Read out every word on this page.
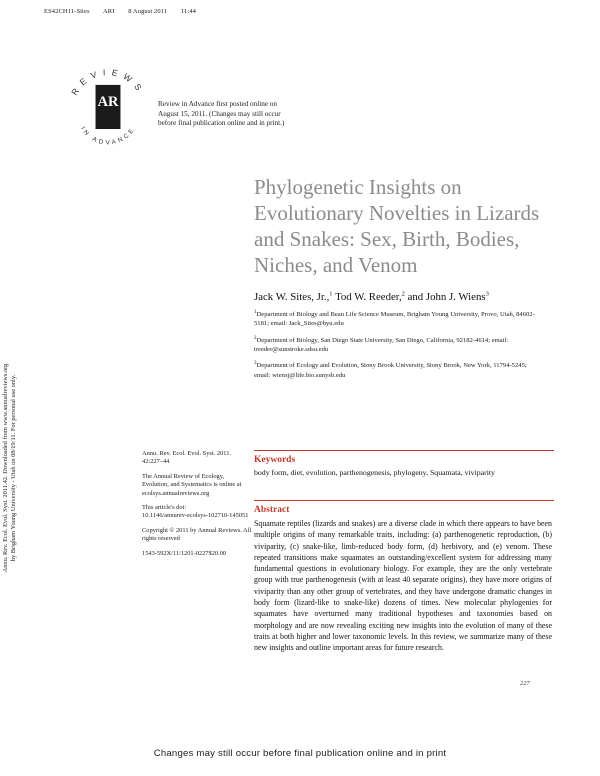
ES42CH11-Sites ARI 8 August 2011 11:44
REVIEWS
IN ADVANCE
AR	Review in Advance first posted online on August 15, 2011. (Changes may still occur before final publication online and in print.)
Annu. Rev. Ecol. Evol. Syst. 2011.42. Downloaded from www.annualreviews.org by Brigham Young University - Utah on 08/19/11. For personal use only.
Phylogenetic Insights on Evolutionary Novelties in Lizards and Snakes: Sex, Birth, Bodies, Niches, and Venom
Jack W. Sites, Jr.,$^1$ Tod W. Reeder,$^2$ and John J. Wiens$^3$
$^1$Department of Biology and Bean Life Science Museum, Brigham Young University, Provo, Utah, 84602-5181; email: Jack_Sites@byu.edu
$^2$Department of Biology, San Diego State University, San Diego, California, 92182-4614; email: treeder@sunstroke.sdsu.edu
$^3$Department of Ecology and Evolution, Stony Brook University, Stony Brook, New York, 11794-5245; email: wiensj@life.bio.sunysb.edu

Annu. Rev. Ecol. Evol. Syst. 2011. 42:227–44

The Annual Review of Ecology, Evolution, and Systematics is online at ecolsys.annualreviews.org

This article's doi:
10.1146/annurev-ecolsys-102710-145051

Copyright © 2011 by Annual Reviews. All rights reserved

1543-592X/11/1201-0227$20.00

Keywords
body form, diet, evolution, parthenogenesis, phylogeny, Squamata, viviparity
Abstract
Squamate reptiles (lizards and snakes) are a diverse clade in which there appears to have been multiple origins of many remarkable traits, including: (a) parthenogenetic reproduction, (b) viviparity, (c) snake-like, limb-reduced body form, (d) herbivory, and (e) venom. These repeated transitions make squamates an outstanding/excellent system for addressing many fundamental questions in evolutionary biology. For example, they are the only vertebrate group with true parthenogenesis (with at least 40 separate origins), they have more origins of viviparity than any other group of vertebrates, and they have undergone dramatic changes in body form (lizard-like to snake-like) dozens of times. New molecular phylogenies for squamates have overturned many traditional hypotheses and taxonomies based on morphology and are now revealing exciting new insights into the evolution of many of these traits at both higher and lower taxonomic levels. In this review, we summarize many of these new insights and outline important areas for future research.
227
Changes may still occur before final publication online and in print
